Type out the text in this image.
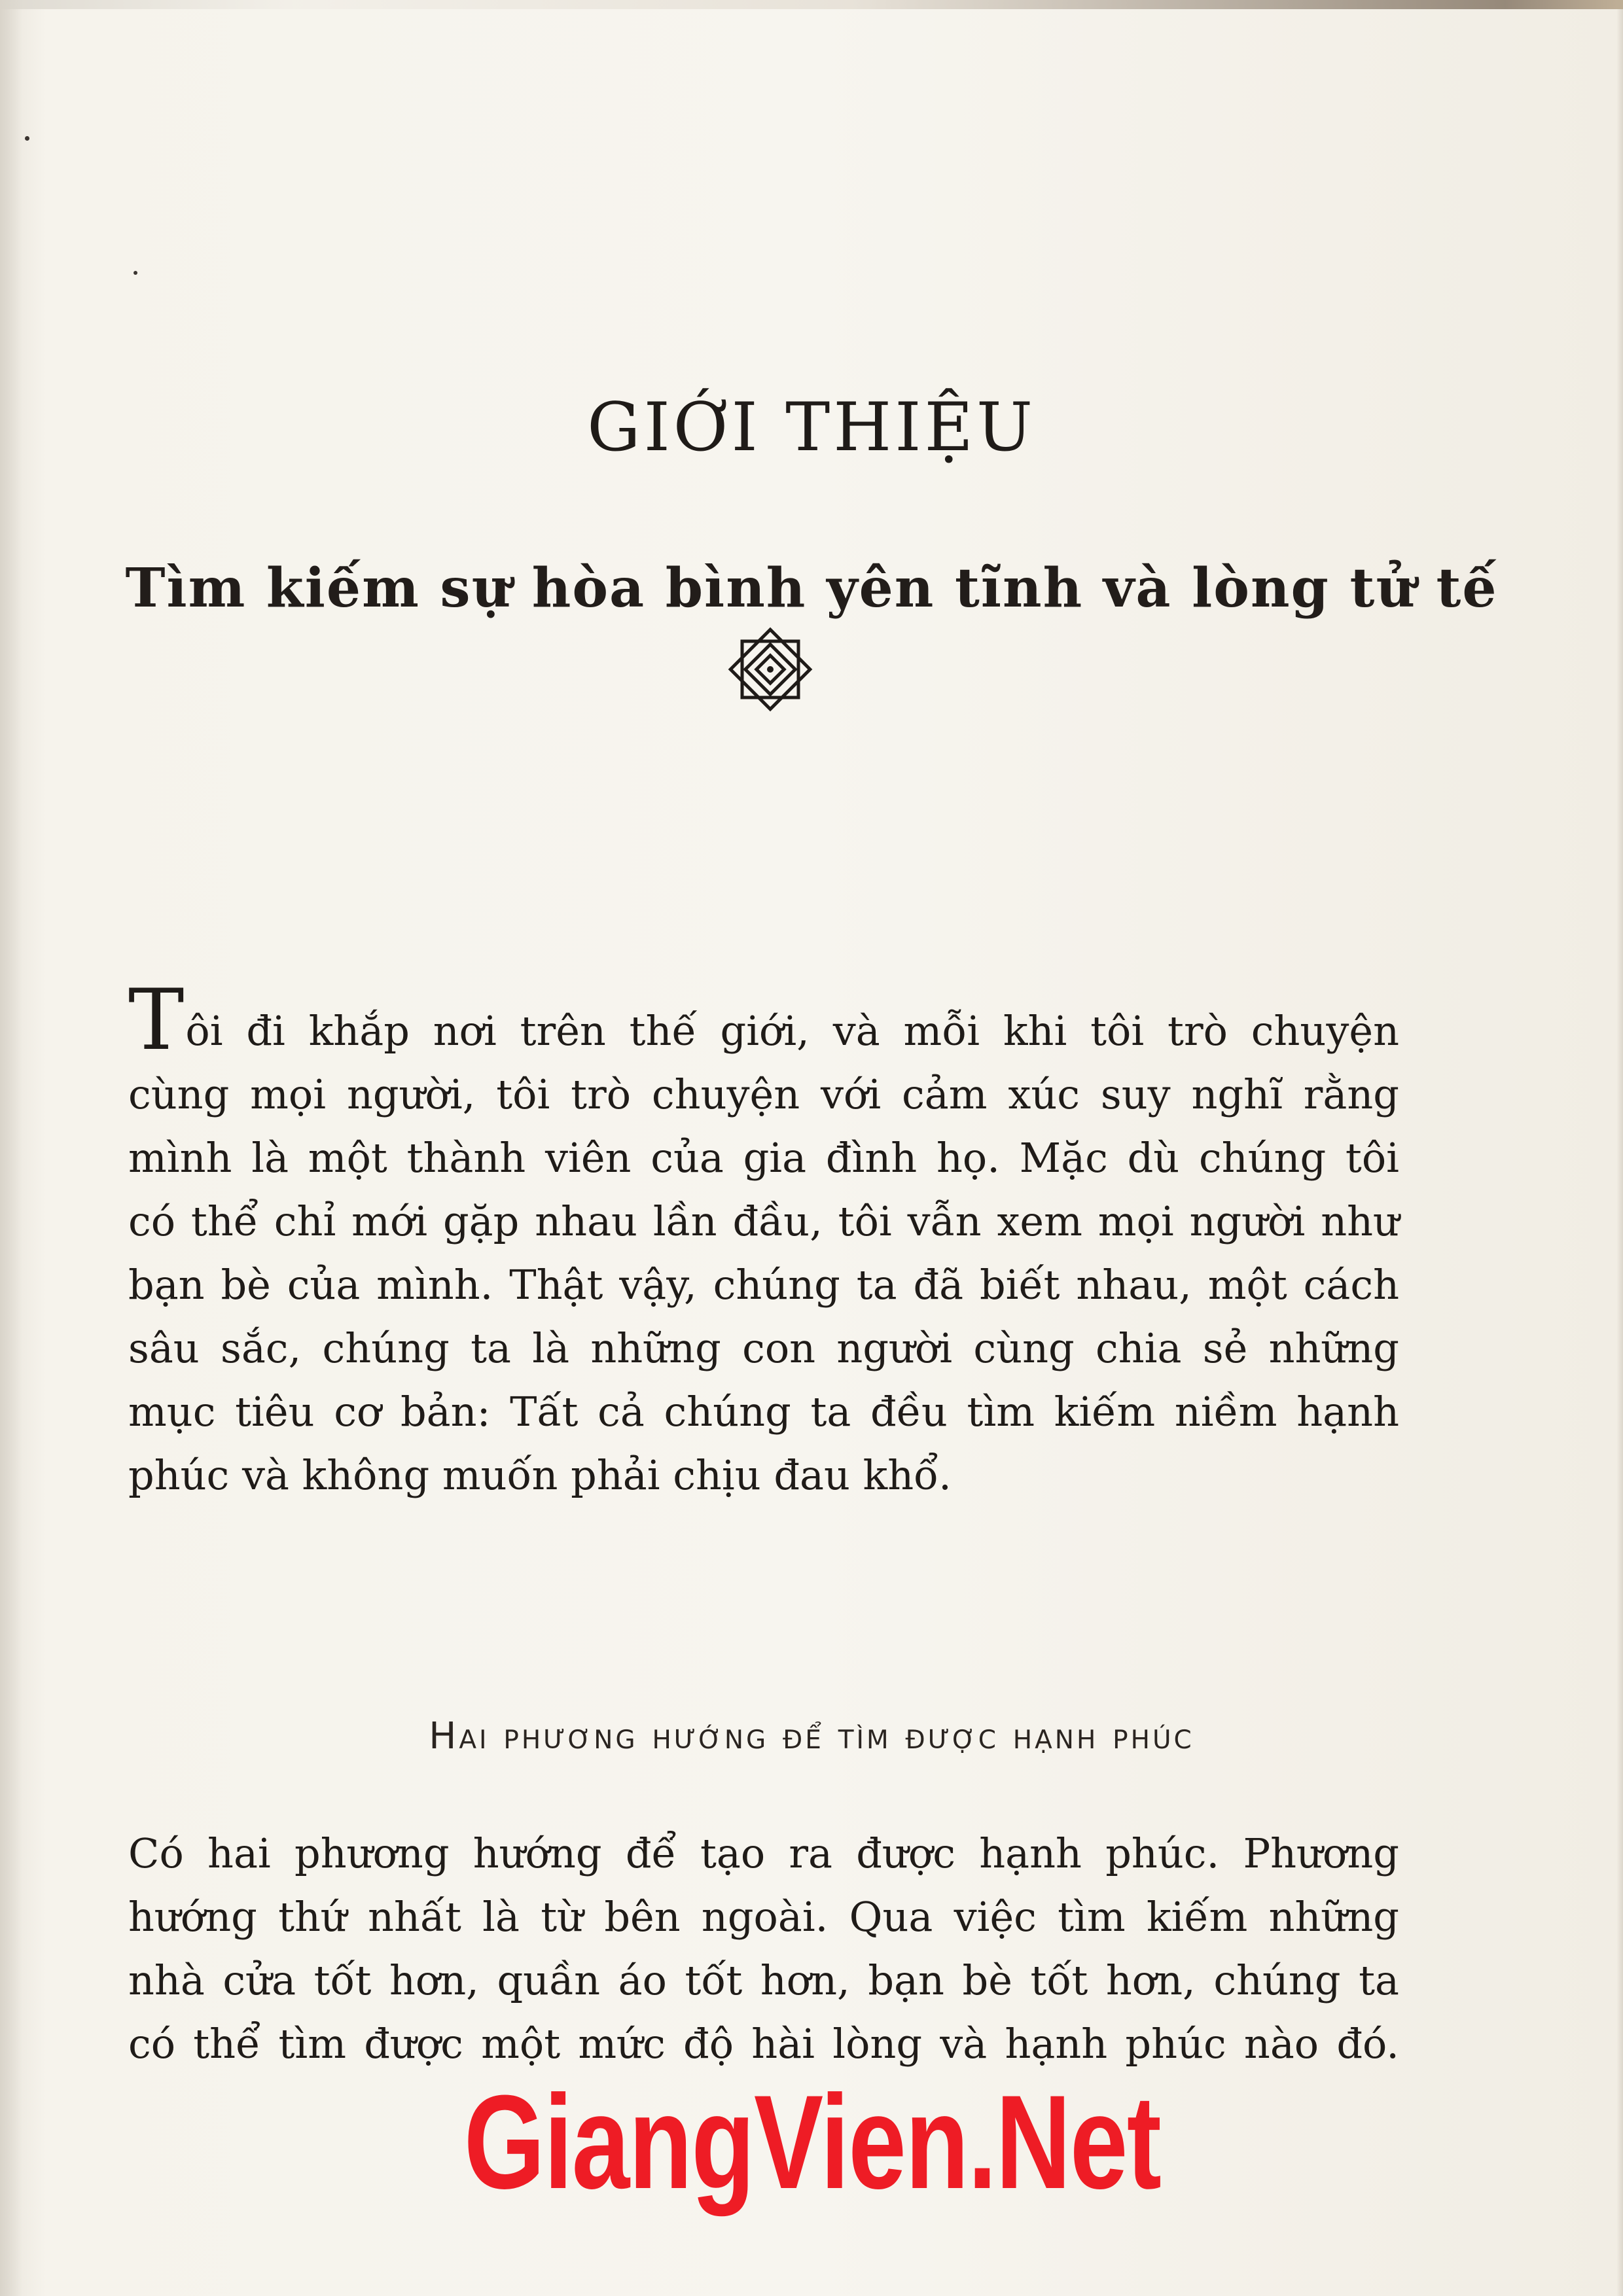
GIỚI THIỆU
Tìm kiếm sự hòa bình yên tĩnh và lòng tử tế
Tôi đi khắp nơi trên thế giới, và mỗi khi tôi trò chuyện
cùng mọi người, tôi trò chuyện với cảm xúc suy nghĩ rằng
mình là một thành viên của gia đình họ. Mặc dù chúng tôi
có thể chỉ mới gặp nhau lần đầu, tôi vẫn xem mọi người như
bạn bè của mình. Thật vậy, chúng ta đã biết nhau, một cách
sâu sắc, chúng ta là những con người cùng chia sẻ những
mục tiêu cơ bản: Tất cả chúng ta đều tìm kiếm niềm hạnh
phúc và không muốn phải chịu đau khổ.
Hai phương hướng để tìm được hạnh phúc
Có hai phương hướng để tạo ra được hạnh phúc. Phương
hướng thứ nhất là từ bên ngoài. Qua việc tìm kiếm những
nhà cửa tốt hơn, quần áo tốt hơn, bạn bè tốt hơn, chúng ta
có thể tìm được một mức độ hài lòng và hạnh phúc nào đó.
GiangVien.Net
